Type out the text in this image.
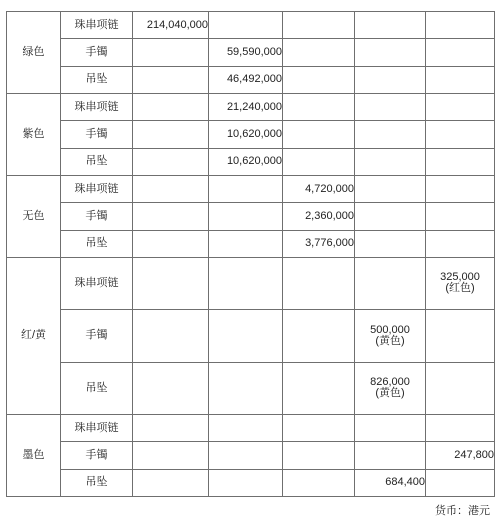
绿色	珠串项链	214,040,000				
	手镯		59,590,000			
	吊坠		46,492,000			
紫色	珠串项链		21,240,000			
	手镯		10,620,000			
	吊坠		10,620,000			
无色	珠串项链			4,720,000		
	手镯			2,360,000		
	吊坠			3,776,000		
红/黄	珠串项链					325,000
(红色)

	手镯				500,000
(黄色)	

	吊坠				826,000
(黄色)	

墨色	珠串项链					
	手镯					247,800
	吊坠				684,400	
货币：港元
